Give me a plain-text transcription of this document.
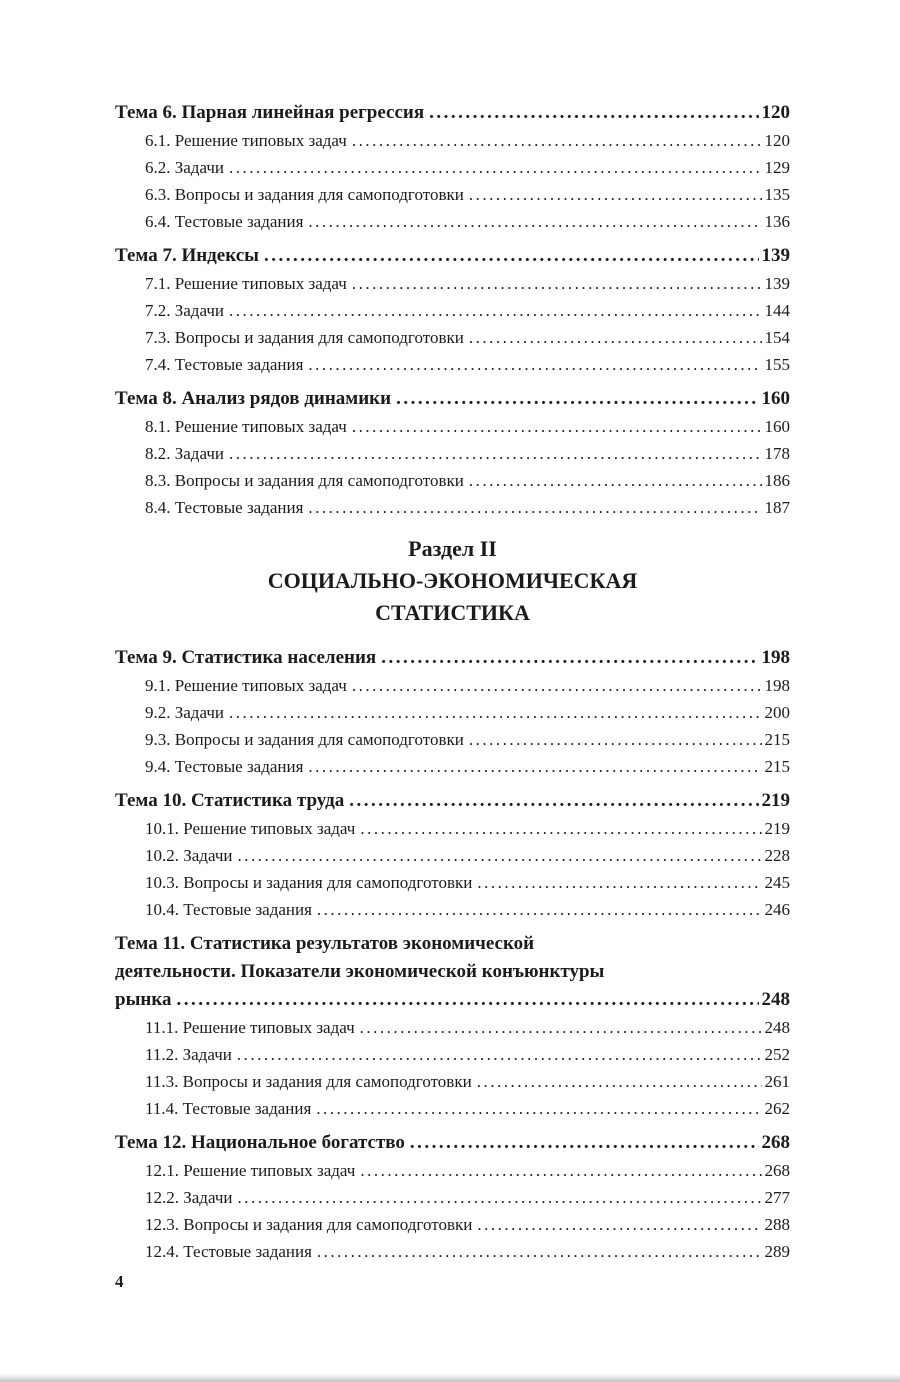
Тема 6. Парная линейная регрессия .....	120
6.1. Решение типовых задач .....	120
6.2. Задачи .....	129
6.3. Вопросы и задания для самоподготовки .....	135
6.4. Тестовые задания .....	136
Тема 7. Индексы .....	139
7.1. Решение типовых задач .....	139
7.2. Задачи .....	144
7.3. Вопросы и задания для самоподготовки .....	154
7.4. Тестовые задания .....	155
Тема 8. Анализ рядов динамики .....	160
8.1. Решение типовых задач .....	160
8.2. Задачи .....	178
8.3. Вопросы и задания для самоподготовки .....	186
8.4. Тестовые задания .....	187
Раздел II
СОЦИАЛЬНО-ЭКОНОМИЧЕСКАЯ
СТАТИСТИКА
Тема 9. Статистика населения .....	198
9.1. Решение типовых задач .....	198
9.2. Задачи .....	200
9.3. Вопросы и задания для самоподготовки .....	215
9.4. Тестовые задания .....	215
Тема 10. Статистика труда .....	219
10.1. Решение типовых задач .....	219
10.2. Задачи .....	228
10.3. Вопросы и задания для самоподготовки .....	245
10.4. Тестовые задания .....	246
Тема 11. Статистика результатов экономической
деятельности. Показатели экономической конъюнктуры
рынка .....	248
11.1. Решение типовых задач .....	248
11.2. Задачи .....	252
11.3. Вопросы и задания для самоподготовки .....	261
11.4. Тестовые задания .....	262
Тема 12. Национальное богатство .....	268
12.1. Решение типовых задач .....	268
12.2. Задачи .....	277
12.3. Вопросы и задания для самоподготовки .....	288
12.4. Тестовые задания .....	289
4
